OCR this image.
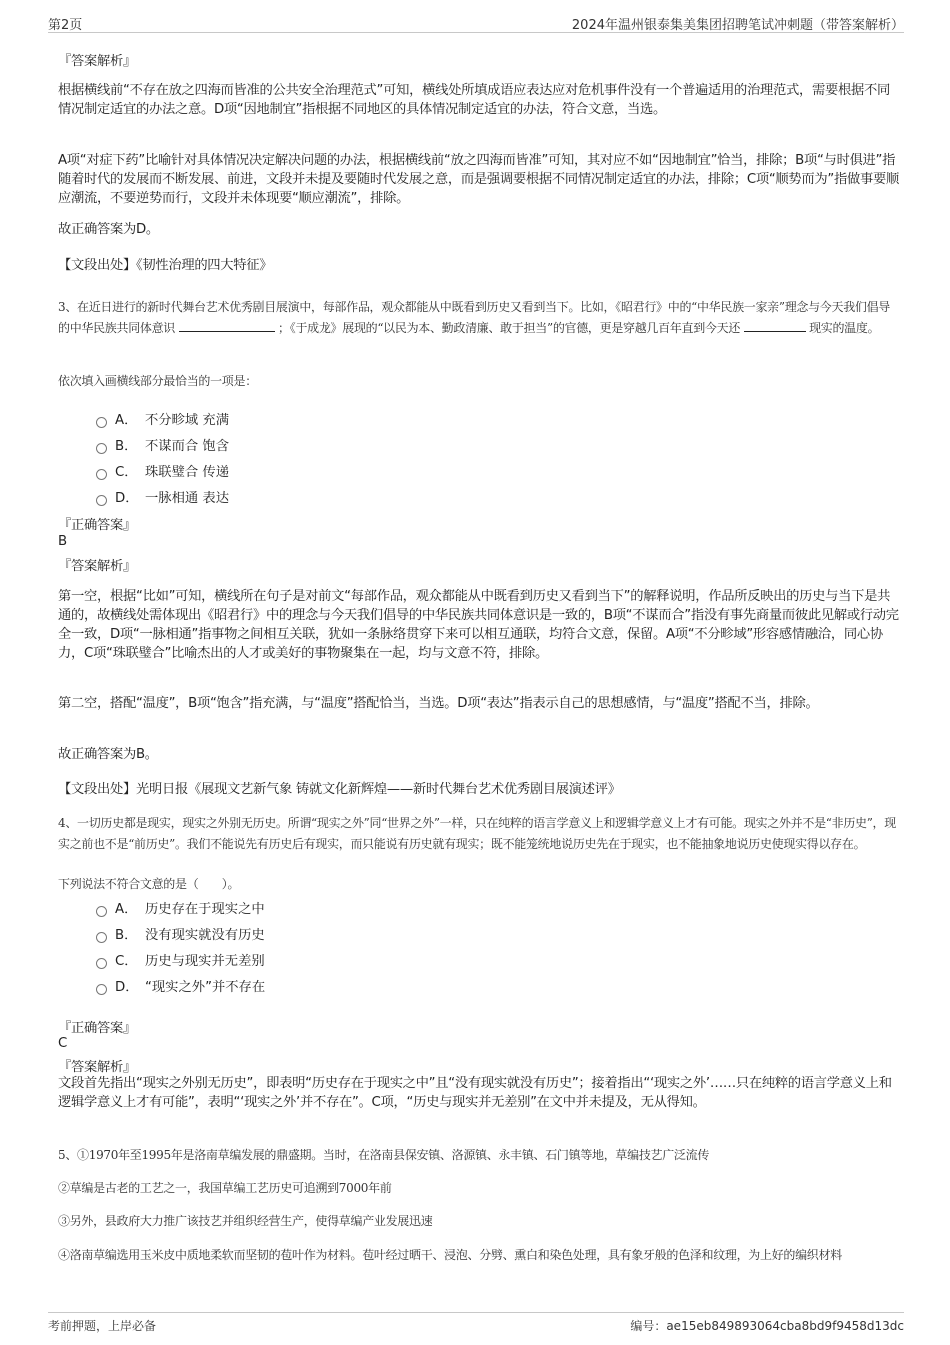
第2页	2024年温州银泰集美集团招聘笔试冲刺题（带答案解析）
『答案解析』
根据横线前“不存在放之四海而皆准的公共安全治理范式”可知，横线处所填成语应表达应对危机事件没有一个普遍适用的治理范式，需要根据不同情况制定适宜的办法之意。D项“因地制宜”指根据不同地区的具体情况制定适宜的办法，符合文意，当选。
A项“对症下药”比喻针对具体情况决定解决问题的办法，根据横线前“放之四海而皆准”可知，其对应不如“因地制宜”恰当，排除；B项“与时俱进”指随着时代的发展而不断发展、前进，文段并未提及要随时代发展之意，而是强调要根据不同情况制定适宜的办法，排除；C项“顺势而为”指做事要顺应潮流，不要逆势而行，文段并未体现要“顺应潮流”，排除。
故正确答案为D。
【文段出处】《韧性治理的四大特征》
3、在近日进行的新时代舞台艺术优秀剧目展演中，每部作品，观众都能从中既看到历史又看到当下。比如，《昭君行》中的“中华民族一家亲”理念与今天我们倡导的中华民族共同体意识	；《于成龙》展现的“以民为本、勤政清廉、敢于担当”的官德，更是穿越几百年直到今天还	现实的温度。
依次填入画横线部分最恰当的一项是：
A． 不分畛域 充满
B． 不谋而合 饱含
C． 珠联璧合 传递
D． 一脉相通 表达
『正确答案』
B
『答案解析』
第一空，根据“比如”可知，横线所在句子是对前文“每部作品，观众都能从中既看到历史又看到当下”的解释说明，作品所反映出的历史与当下是共通的，故横线处需体现出《昭君行》中的理念与今天我们倡导的中华民族共同体意识是一致的，B项“不谋而合”指没有事先商量而彼此见解或行动完全一致，D项“一脉相通”指事物之间相互关联，犹如一条脉络贯穿下来可以相互通联，均符合文意，保留。A项“不分畛域”形容感情融洽，同心协力，C项“珠联璧合”比喻杰出的人才或美好的事物聚集在一起，均与文意不符，排除。
第二空，搭配“温度”，B项“饱含”指充满，与“温度”搭配恰当，当选。D项“表达”指表示自己的思想感情，与“温度”搭配不当，排除。
故正确答案为B。
【文段出处】光明日报《展现文艺新气象 铸就文化新辉煌——新时代舞台艺术优秀剧目展演述评》
4、一切历史都是现实，现实之外别无历史。所谓“现实之外”同“世界之外”一样，只在纯粹的语言学意义上和逻辑学意义上才有可能。现实之外并不是“非历史”，现实之前也不是“前历史”。我们不能说先有历史后有现实，而只能说有历史就有现实；既不能笼统地说历史先在于现实，也不能抽象地说历史使现实得以存在。
下列说法不符合文意的是（　　）。
A． 历史存在于现实之中
B． 没有现实就没有历史
C． 历史与现实并无差别
D． “现实之外”并不存在
『正确答案』
C
『答案解析』
文段首先指出“现实之外别无历史”，即表明“历史存在于现实之中”且“没有现实就没有历史”；接着指出“‘现实之外’……只在纯粹的语言学意义上和逻辑学意义上才有可能”，表明“‘现实之外’并不存在”。C项，“历史与现实并无差别”在文中并未提及，无从得知。
5、①1970年至1995年是洛南草编发展的鼎盛期。当时，在洛南县保安镇、洛源镇、永丰镇、石门镇等地，草编技艺广泛流传
②草编是古老的工艺之一，我国草编工艺历史可追溯到7000年前
③另外，县政府大力推广该技艺并组织经营生产，使得草编产业发展迅速
④洛南草编选用玉米皮中质地柔软而坚韧的苞叶作为材料。苞叶经过晒干、浸泡、分劈、熏白和染色处理，具有象牙般的色泽和纹理，为上好的编织材料
考前押题，上岸必备	编号：ae15eb849893064cba8bd9f9458d13dc
